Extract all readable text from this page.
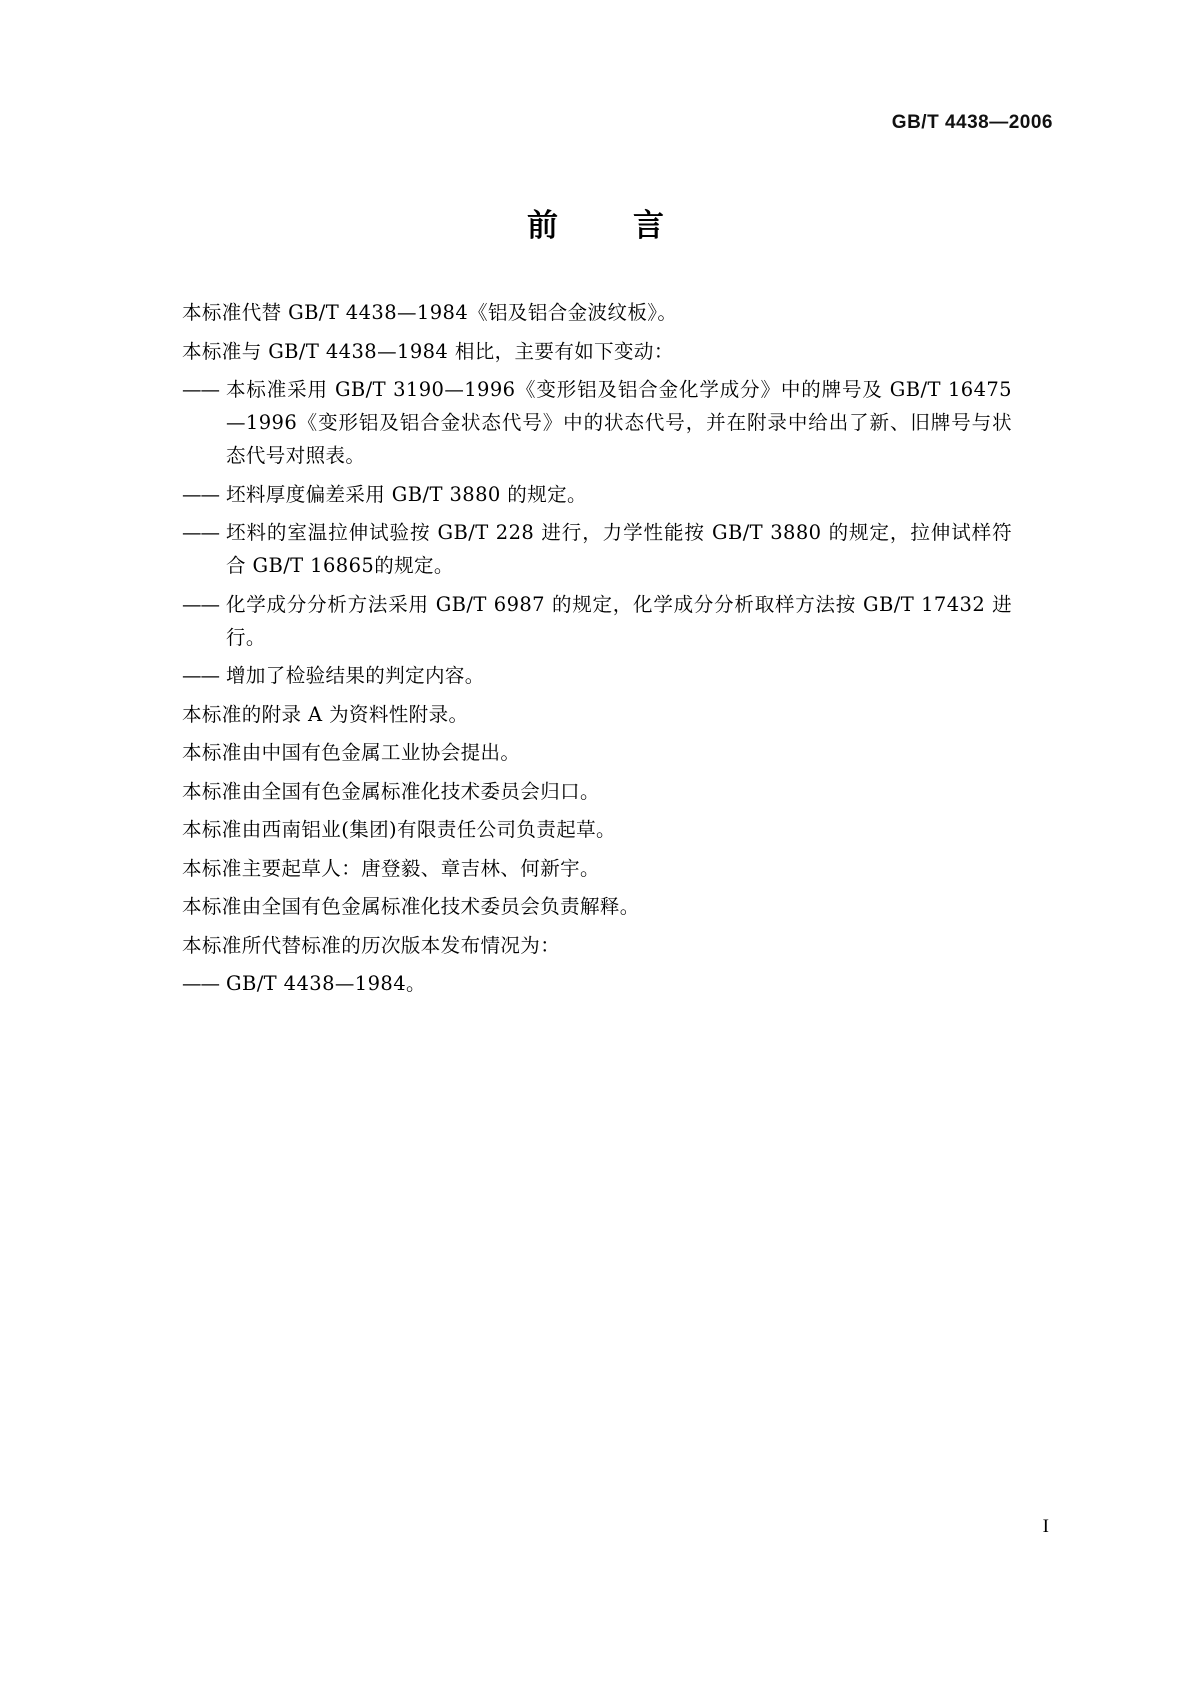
GB/T 4438—2006
前　言

本标准代替 GB/T 4438—1984《铝及铝合金波纹板》。

本标准与 GB/T 4438—1984 相比，主要有如下变动：

—— 本标准采用 GB/T 3190—1996《变形铝及铝合金化学成分》中的牌号及 GB/T 16475—1996《变形铝及铝合金状态代号》中的状态代号，并在附录中给出了新、旧牌号与状态代号对照表。

—— 坯料厚度偏差采用 GB/T 3880 的规定。

—— 坯料的室温拉伸试验按 GB/T 228 进行，力学性能按 GB/T 3880 的规定，拉伸试样符合 GB/T 16865的规定。

—— 化学成分分析方法采用 GB/T 6987 的规定，化学成分分析取样方法按 GB/T 17432 进行。

—— 增加了检验结果的判定内容。

本标准的附录 A 为资料性附录。

本标准由中国有色金属工业协会提出。

本标准由全国有色金属标准化技术委员会归口。

本标准由西南铝业(集团)有限责任公司负责起草。

本标准主要起草人：唐登毅、章吉林、何新宇。

本标准由全国有色金属标准化技术委员会负责解释。

本标准所代替标准的历次版本发布情况为：

—— GB/T 4438—1984。

I
